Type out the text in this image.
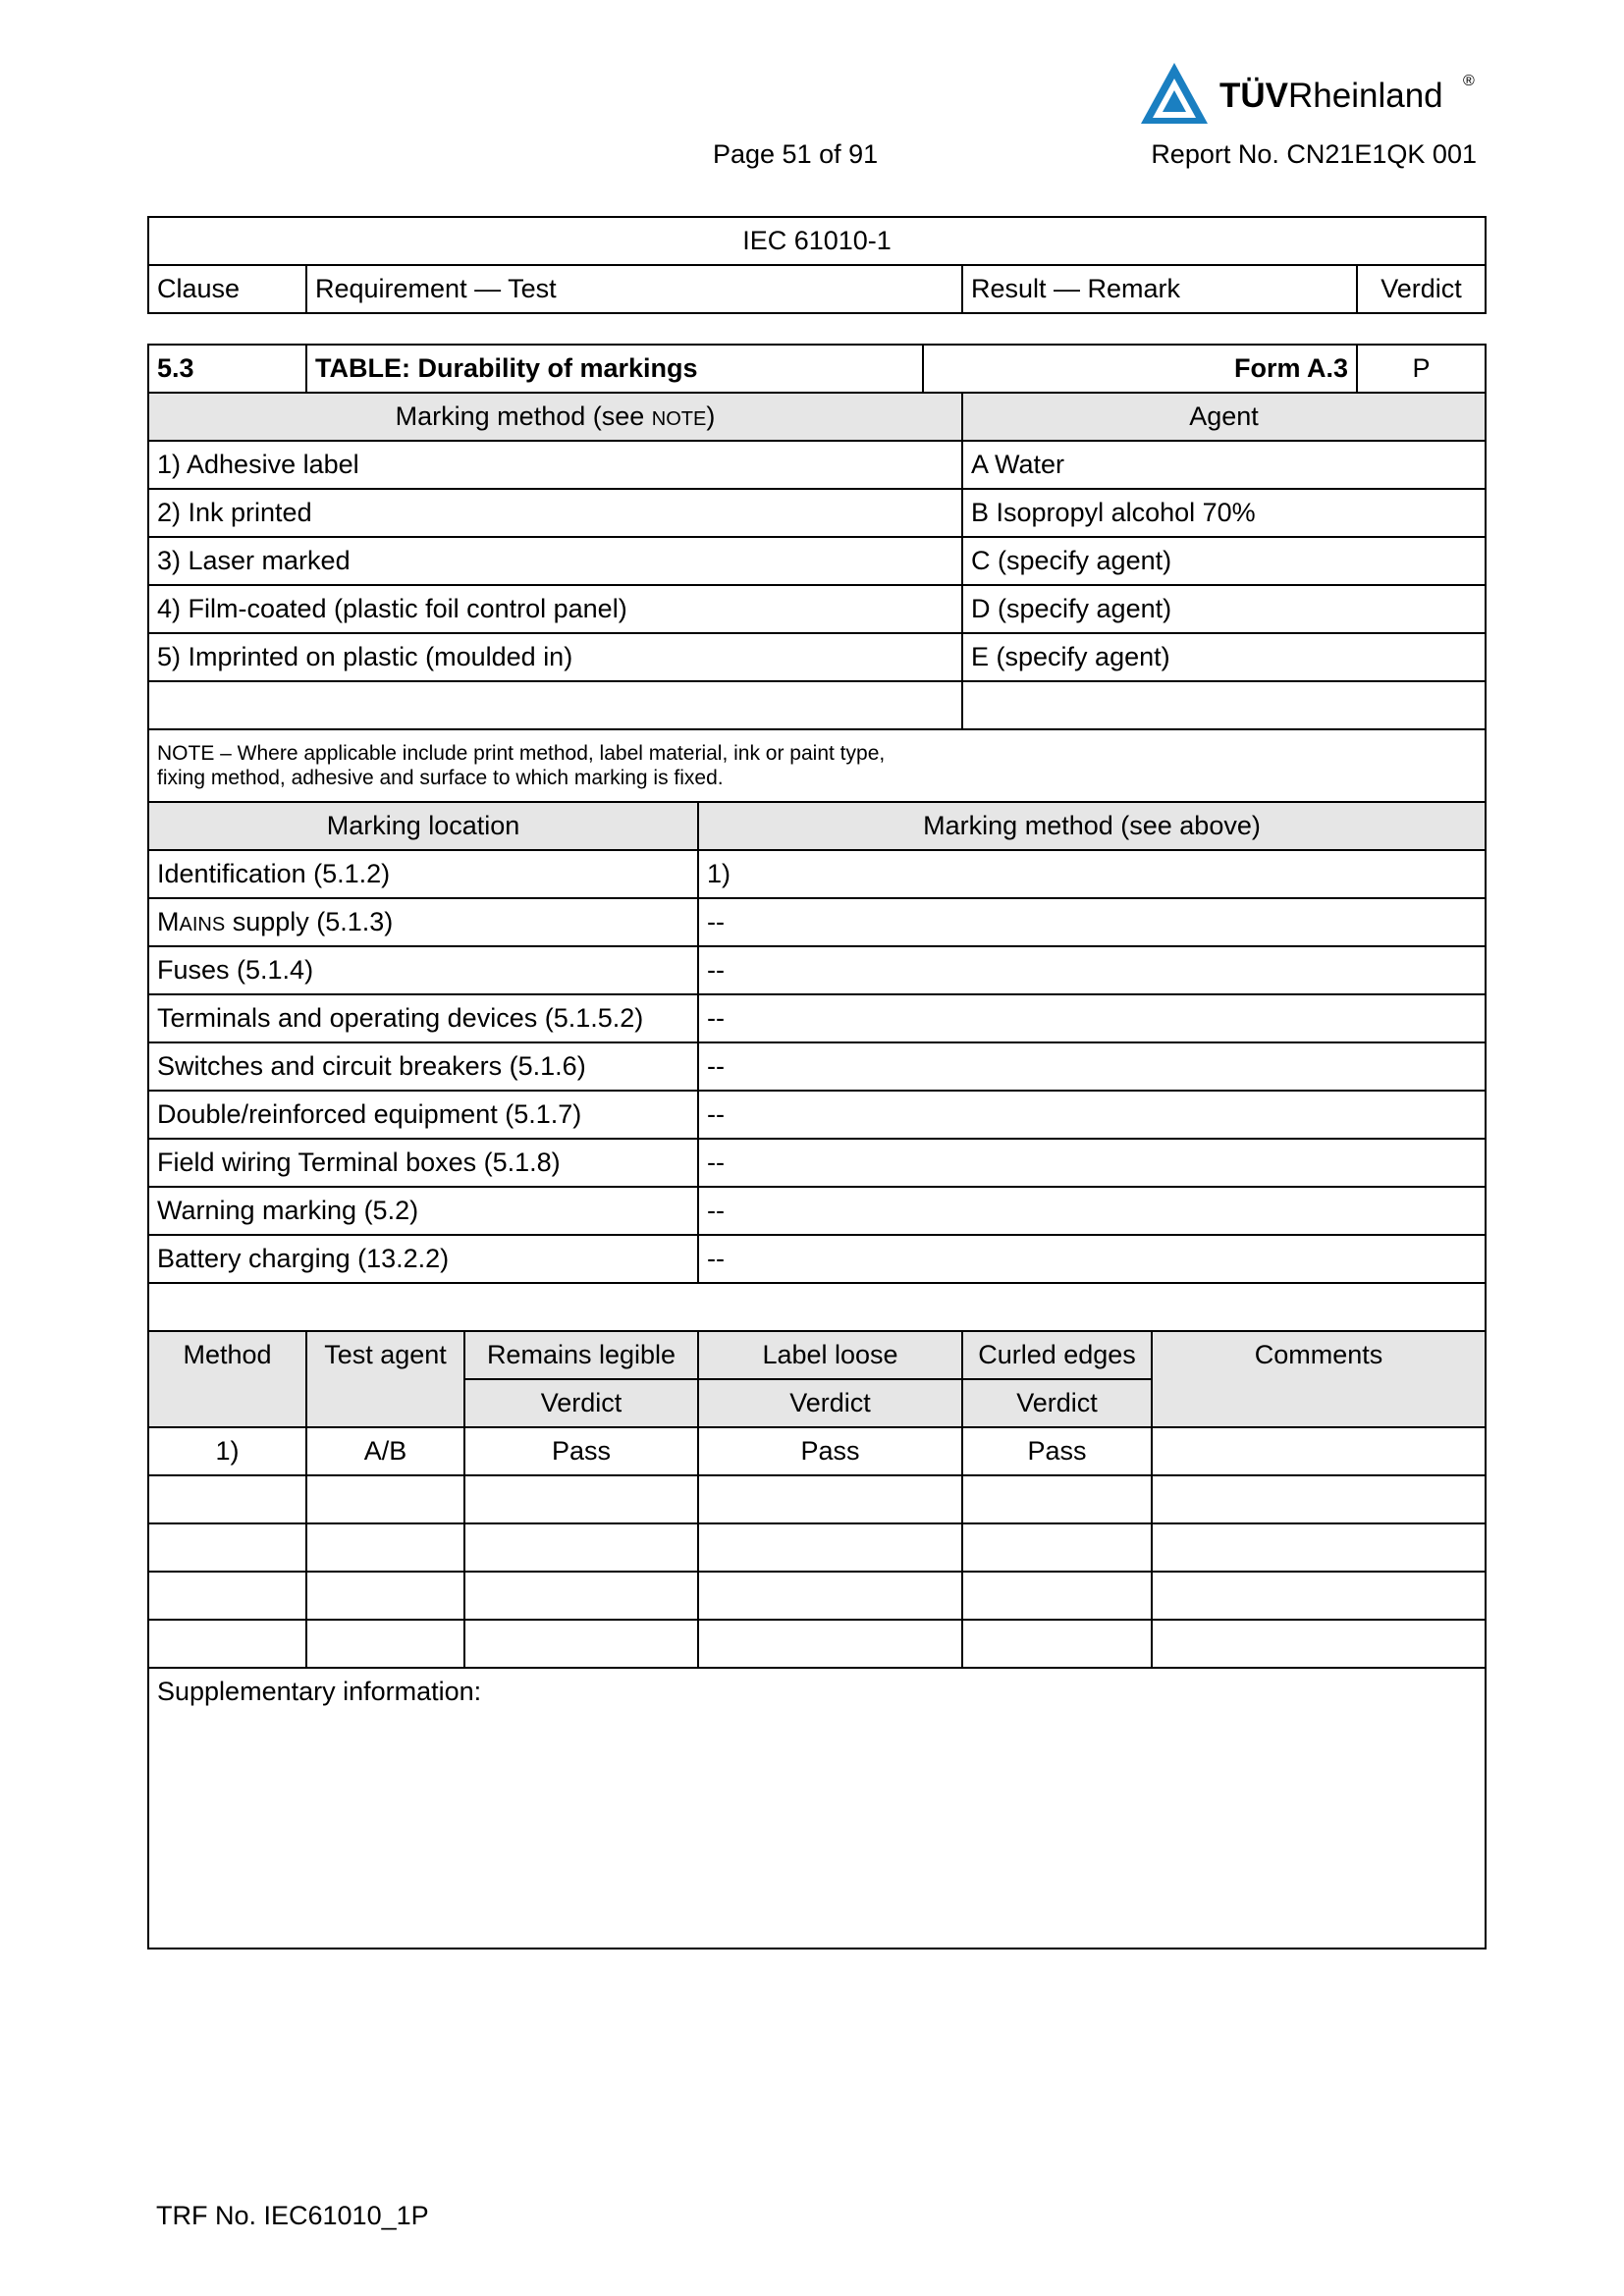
TÜVRheinland ®
Page 51 of 91	Report No. CN21E1QK 001
IEC 61010-1
Clause	Requirement — Test	Result — Remark	Verdict
5.3	TABLE: Durability of markings			Form A.3			P
Marking method (see NOTE)					Agent		
1) Adhesive label					A Water		
2) Ink printed					B Isopropyl alcohol 70%		
3) Laser marked					C (specify agent)		
4) Film-coated (plastic foil control panel)					D (specify agent)		
5) Imprinted on plastic (moulded in)					E (specify agent)		

NOTE – Where applicable include print method, label material, ink or paint type,
fixing method, adhesive and surface to which marking is fixed.							

Marking location			Marking method (see above)				
Identification (5.1.2)			1)				
MAINS supply (5.1.3)			--				
Fuses (5.1.4)			--				
Terminals and operating devices (5.1.5.2)			--				
Switches and circuit breakers (5.1.6)			--				
Double/reinforced equipment (5.1.7)			--				
Field wiring Terminal boxes (5.1.8)			--				
Warning marking (5.2)			--				
Battery charging (13.2.2)			--				

Method	Test agent	Remains legible	Label loose		Curled edges	Comments	
		Verdict	Verdict		Verdict		
1)	A/B	Pass	Pass		Pass		

Supplementary information:							
TRF No. IEC61010_1P
